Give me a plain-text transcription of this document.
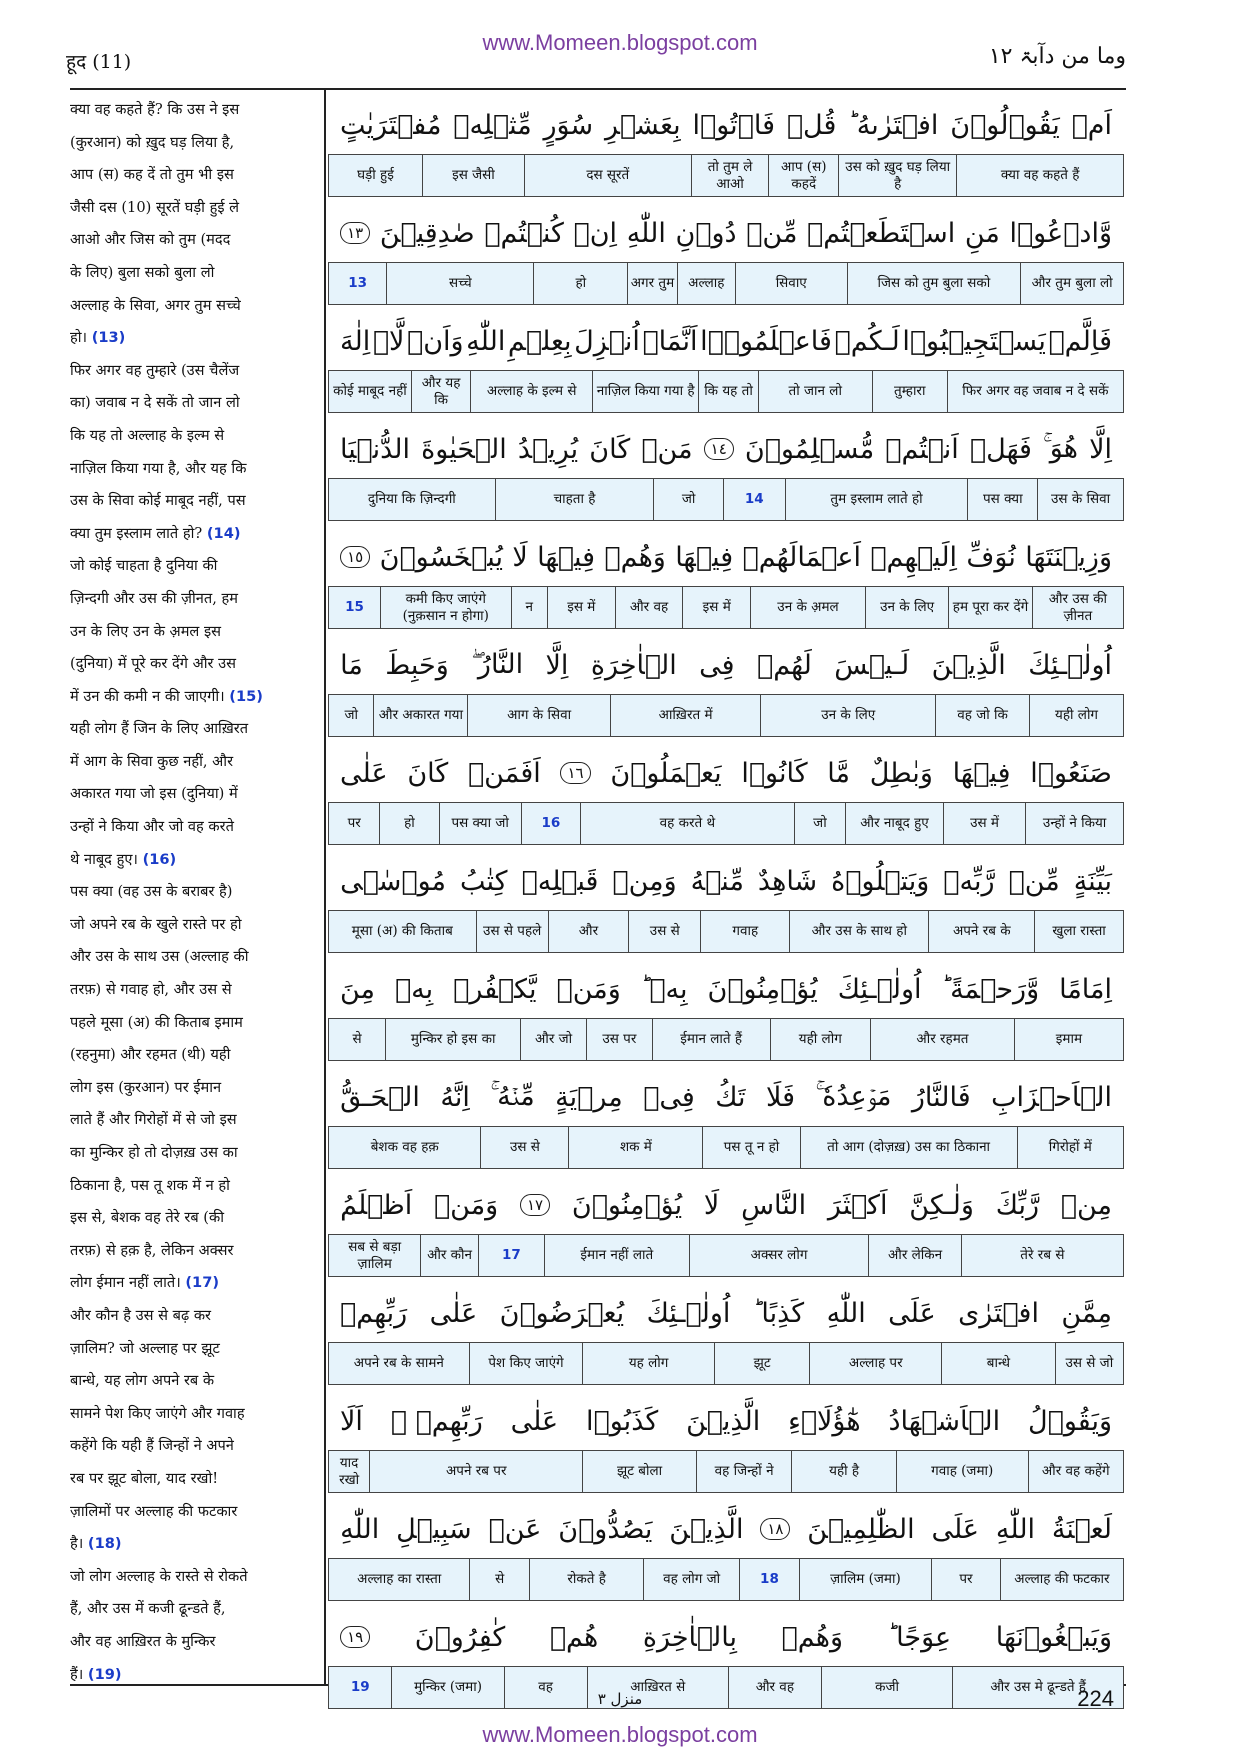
www.Momeen.blogspot.com
हूद (11)	وما من دآبۃ ١٢
क्या वह कहते हैं? कि उस ने इस
(कुरआन) को ख़ुद घड़ लिया है,
आप (स) कह दें तो तुम भी इस
जैसी दस (10) सूरतें घड़ी हुई ले
आओ और जिस को तुम (मदद
के लिए) बुला सको बुला लो
अल्लाह के सिवा, अगर तुम सच्चे
हो। (13)
फिर अगर वह तुम्हारे (उस चैलेंज
का) जवाब न दे सकें तो जान लो
कि यह तो अल्लाह के इल्म से
नाज़िल किया गया है, और यह कि
उस के सिवा कोई माबूद नहीं, पस
क्या तुम इस्लाम लाते हो? (14)
जो कोई चाहता है दुनिया की
ज़िन्दगी और उस की ज़ीनत, हम
उन के लिए उन के अ़मल इस
(दुनिया) में पूरे कर देंगे और उस
में उन की कमी न की जाएगी। (15)
यही लोग हैं जिन के लिए आख़िरत
में आग के सिवा कुछ नहीं, और
अकारत गया जो इस (दुनिया) में
उन्हों ने किया और जो वह करते
थे नाबूद हुए। (16)
पस क्या (वह उस के बराबर है)
जो अपने रब के खुले रास्ते पर हो
और उस के साथ उस (अल्लाह की
तरफ़) से गवाह हो, और उस से
पहले मूसा (अ) की किताब इमाम
(रहनुमा) और रहमत (थी) यही
लोग इस (कुरआन) पर ईमान
लाते हैं और गिरोहों में से जो इस
का मुन्किर हो तो दोज़ख़ उस का
ठिकाना है, पस तू शक में न हो
इस से, बेशक वह तेरे रब (की
तरफ़) से हक़ है, लेकिन अक्सर
लोग ईमान नहीं लाते। (17)
और कौन है उस से बढ़ कर
ज़ालिम? जो अल्लाह पर झूट
बान्धे, यह लोग अपने रब के
सामने पेश किए जाएंगे और गवाह
कहेंगे कि यही हैं जिन्हों ने अपने
रब पर झूट बोला, याद रखो!
ज़ालिमों पर अल्लाह की फटकार
है। (18)
जो लोग अल्लाह के रास्ते से रोकते
हैं, और उस में कजी ढून्डते हैं,
और वह आख़िरत के मुन्किर
हैं। (19)
اَمۡ
يَقُوۡلُوۡنَ
افۡتَرٰٮهُ ؕ
قُلۡ
فَاۡتُوۡا
بِعَشۡرِ
سُوَرٍ
مِّثۡلِهٖ
مُفۡتَرَيٰتٍ
क्या वह कहते हैं
उस को ख़ुद घड़ लिया है
आप (स) कहदें
तो तुम ले आओ
दस सूरतें
इस जैसी
घड़ी हुई
وَّادۡعُوۡا
مَنِ
اسۡتَطَعۡتُمۡ
مِّنۡ
دُوۡنِ
اللّٰهِ
اِنۡ
كُنۡتُمۡ
صٰدِقِيۡنَ
١٣
और तुम बुला लो
जिस को तुम बुला सको
सिवाए
अल्लाह
अगर तुम
हो
सच्चे
13
فَاِلَّمۡ
يَسۡتَجِيۡبُوۡا
لَـكُمۡ
فَاعۡلَمُوۡۤا
اَنَّمَاۤ
اُنۡزِلَ
بِعِلۡمِ
اللّٰهِ
وَاَنۡ
لَّاۤ
اِلٰهَ
फिर अगर वह जवाब न दे सकें
तुम्हारा
तो जान लो
कि यह तो
नाज़िल किया गया है
अल्लाह के इल्म से
और यह कि
कोई माबूद नहीं
اِلَّا
هُوَ ۚ
فَهَلۡ
اَنۡتُمۡ
مُّسۡلِمُوۡنَ
١٤
مَنۡ
كَانَ
يُرِيۡدُ
الۡحَيٰوةَ
الدُّنۡيَا
उस के सिवा
पस क्या
तुम इस्लाम लाते हो
14
जो
चाहता है
दुनिया कि ज़िन्दगी
وَزِيۡنَتَهَا
نُوَفِّ
اِلَيۡهِمۡ
اَعۡمَالَهُمۡ
فِيۡهَا
وَهُمۡ
فِيۡهَا
لَا
يُبۡخَسُوۡنَ
١٥
और उस की ज़ीनत
हम पूरा कर देंगे
उन के लिए
उन के अ़मल
इस में
और वह
इस में
न
कमी किए जाएंगे (नुक़सान न होगा)
15
اُولٰۤـئِكَ
الَّذِيۡنَ
لَـيۡسَ
لَهُمۡ
فِى
الۡاٰخِرَةِ
اِلَّا
النَّارُ ۖ
وَحَبِطَ
مَا
यही लोग
वह जो कि
उन के लिए
आख़िरत में
आग के सिवा
और अकारत गया
जो
صَنَعُوۡا
فِيۡهَا
وَبٰطِلٌ
مَّا
كَانُوۡا
يَعۡمَلُوۡنَ
١٦
اَفَمَنۡ
كَانَ
عَلٰى
उन्हों ने किया
उस में
और नाबूद हुए
जो
वह करते थे
16
पस क्या जो
हो
पर
بَيِّنَةٍ
مِّنۡ
رَّبِّهٖ
وَيَتۡلُوۡهُ
شَاهِدٌ
مِّنۡهُ
وَمِنۡ
قَبۡلِهٖ
كِتٰبُ
مُوۡسٰۤى
खुला रास्ता
अपने रब के
और उस के साथ हो
गवाह
उस से
और
उस से पहले
मूसा (अ) की किताब
اِمَامًا
وَّرَحۡمَةً ؕ
اُولٰۤـئِكَ
يُؤۡمِنُوۡنَ
بِهٖ ؕ
وَمَنۡ
يَّكۡفُرۡ
بِهٖ
مِنَ
इमाम
और रहमत
यही लोग
ईमान लाते हैं
उस पर
और जो
मुन्किर हो इस का
से
الۡاَحۡزَابِ
فَالنَّارُ
مَوۡعِدُهٗ ۚ
فَلَا
تَكُ
فِىۡ
مِرۡيَةٍ
مِّنۡهُ ۚ
اِنَّهُ
الۡحَـقُّ
गिरोहों में
तो आग (दोज़ख़) उस का ठिकाना
पस तू न हो
शक में
उस से
बेशक वह हक़
مِنۡ
رَّبِّكَ
وَلٰـكِنَّ
اَكۡثَرَ
النَّاسِ
لَا
يُؤۡمِنُوۡنَ
١٧
وَمَنۡ
اَظۡلَمُ
तेरे रब से
और लेकिन
अक्सर लोग
ईमान नहीं लाते
17
और कौन
सब से बड़ा ज़ालिम
مِمَّنِ
افۡتَرٰى
عَلَى
اللّٰهِ
كَذِبًا ؕ
اُولٰۤـئِكَ
يُعۡرَضُوۡنَ
عَلٰى
رَبِّهِمۡ
उस से जो
बान्धे
अल्लाह पर
झूट
यह लोग
पेश किए जाएंगे
अपने रब के सामने
وَيَقُوۡلُ
الۡاَشۡهَادُ
هٰٓؤُلَاۤءِ
الَّذِيۡنَ
كَذَبُوۡا
عَلٰى
رَبِّهِمۡ ۚ
اَلَا
और वह कहेंगे
गवाह (जमा)
यही है
वह जिन्हों ने
झूट बोला
अपने रब पर
याद रखो
لَعۡنَةُ
اللّٰهِ
عَلَى
الظّٰلِمِيۡنَ
١٨
الَّذِيۡنَ
يَصُدُّوۡنَ
عَنۡ
سَبِيۡلِ
اللّٰهِ
अल्लाह की फटकार
पर
ज़ालिम (जमा)
18
वह लोग जो
रोकते है
से
अल्लाह का रास्ता
وَيَبۡغُوۡنَهَا
عِوَجًا ؕ
وَهُمۡ
بِالۡاٰخِرَةِ
هُمۡ
كٰفِرُوۡنَ
١٩
और उस मे ढून्डते हैं
कजी
और वह
आख़िरत से
वह
मुन्किर (जमा)
19
منزل ٣	224
www.Momeen.blogspot.com
